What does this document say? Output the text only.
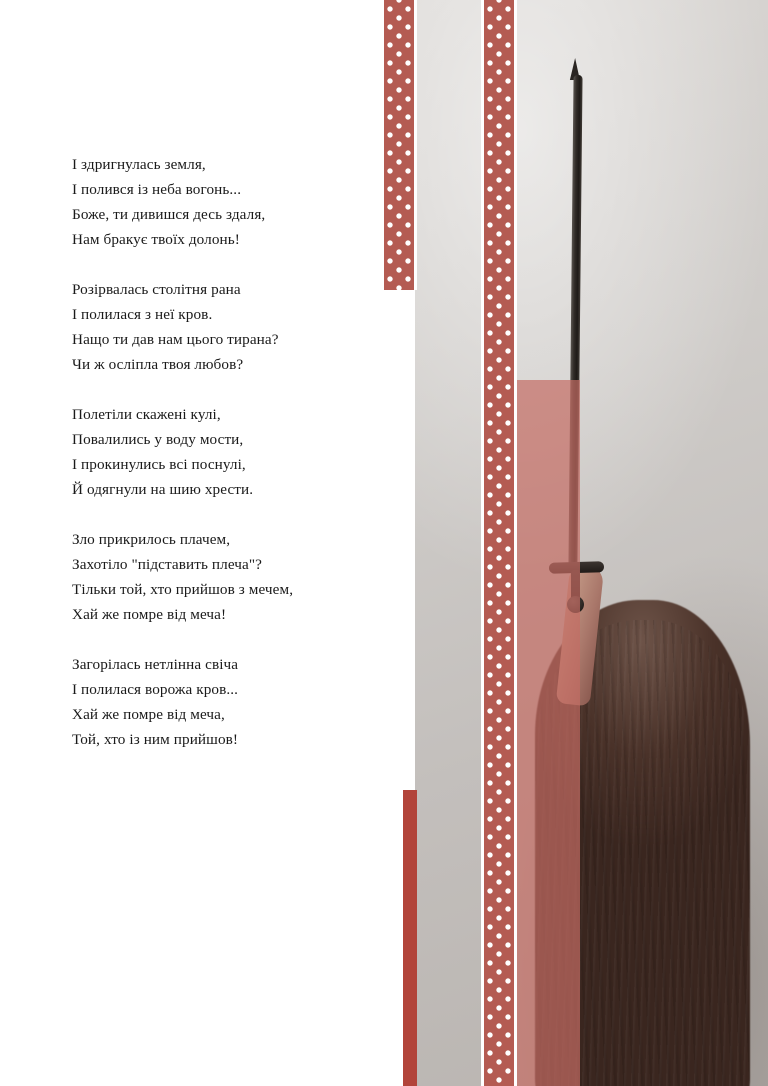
І здригнулась земля,
І полився із неба вогонь...
Боже, ти дивишся десь здаля,
Нам бракує твоїх долонь!
Розірвалась столітня рана
І полилася з неї кров.
Нащо ти дав нам цього тирана?
Чи ж осліпла твоя любов?
Полетіли скажені кулі,
Повалились у воду мости,
І прокинулись всі поснулі,
Й одягнули на шию хрести.
Зло прикрилось плачем,
Захотіло "підставить плеча"?
Тільки той, хто прийшов з мечем,
Хай же помре від меча!
Загорілась нетлінна свіча
І полилася ворожа кров...
Хай же помре від меча,
Той, хто із ним прийшов!
